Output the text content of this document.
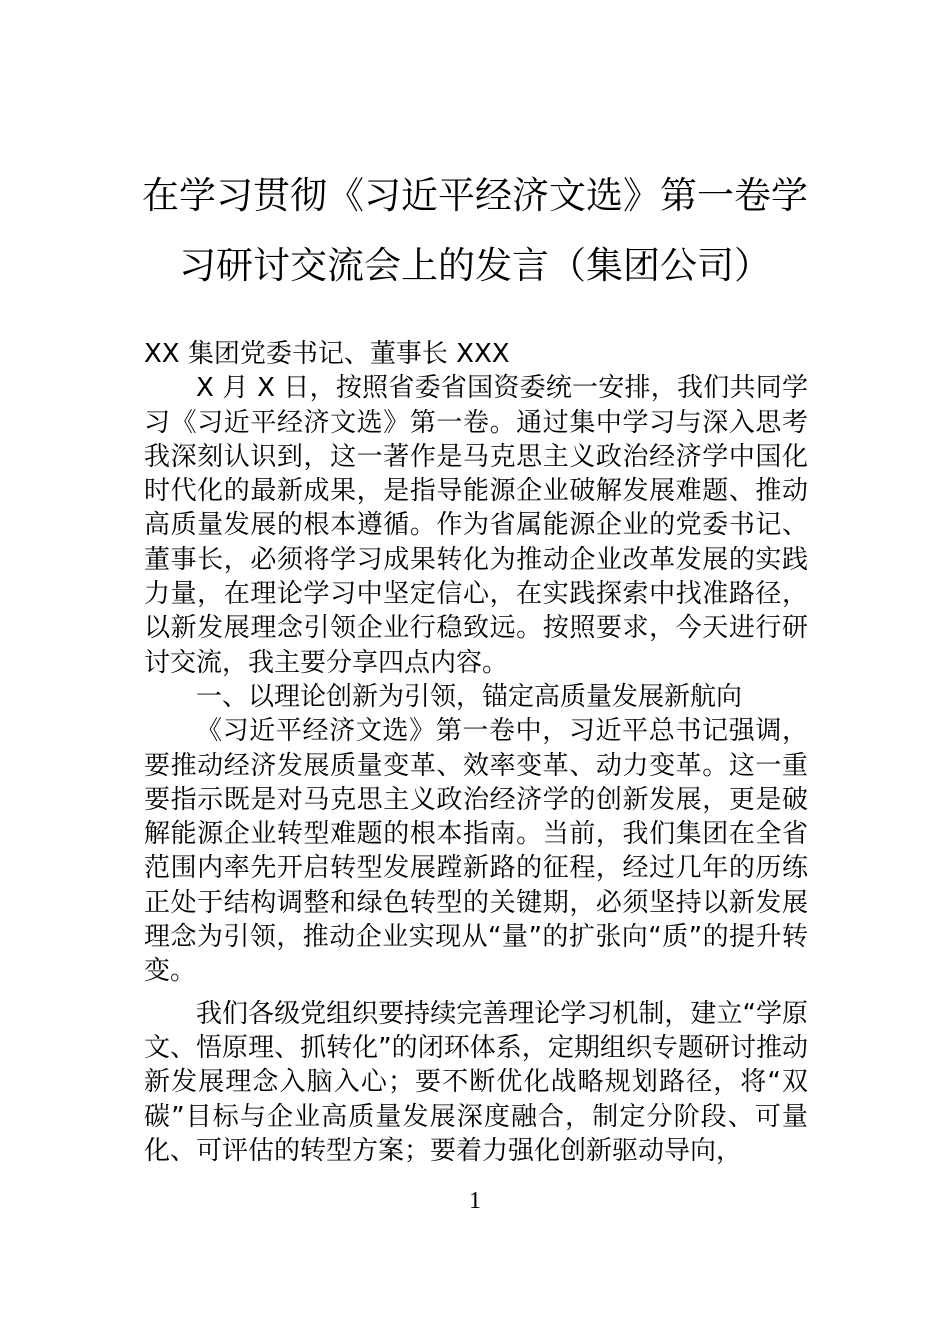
在学习贯彻《习近平经济文选》第一卷学
习研讨交流会上的发言（集团公司）

XX 集团党委书记、董事长 XXX

X 月 X 日，按照省委省国资委统一安排，我们共同学习《习近平经济文选》第一卷。通过集中学习与深入思考我深刻认识到，这一著作是马克思主义政治经济学中国化时代化的最新成果，是指导能源企业破解发展难题、推动高质量发展的根本遵循。作为省属能源企业的党委书记、董事长，必须将学习成果转化为推动企业改革发展的实践力量，在理论学习中坚定信心，在实践探索中找准路径，以新发展理念引领企业行稳致远。按照要求，今天进行研讨交流，我主要分享四点内容。

一、以理论创新为引领，锚定高质量发展新航向

《习近平经济文选》第一卷中，习近平总书记强调，要推动经济发展质量变革、效率变革、动力变革。这一重要指示既是对马克思主义政治经济学的创新发展，更是破解能源企业转型难题的根本指南。当前，我们集团在全省范围内率先开启转型发展蹚新路的征程，经过几年的历练正处于结构调整和绿色转型的关键期，必须坚持以新发展理念为引领，推动企业实现从“量”的扩张向“质”的提升转变。

我们各级党组织要持续完善理论学习机制，建立“学原文、悟原理、抓转化”的闭环体系，定期组织专题研讨推动新发展理念入脑入心；要不断优化战略规划路径，将“双碳”目标与企业高质量发展深度融合，制定分阶段、可量化、可评估的转型方案；要着力强化创新驱动导向，

1
